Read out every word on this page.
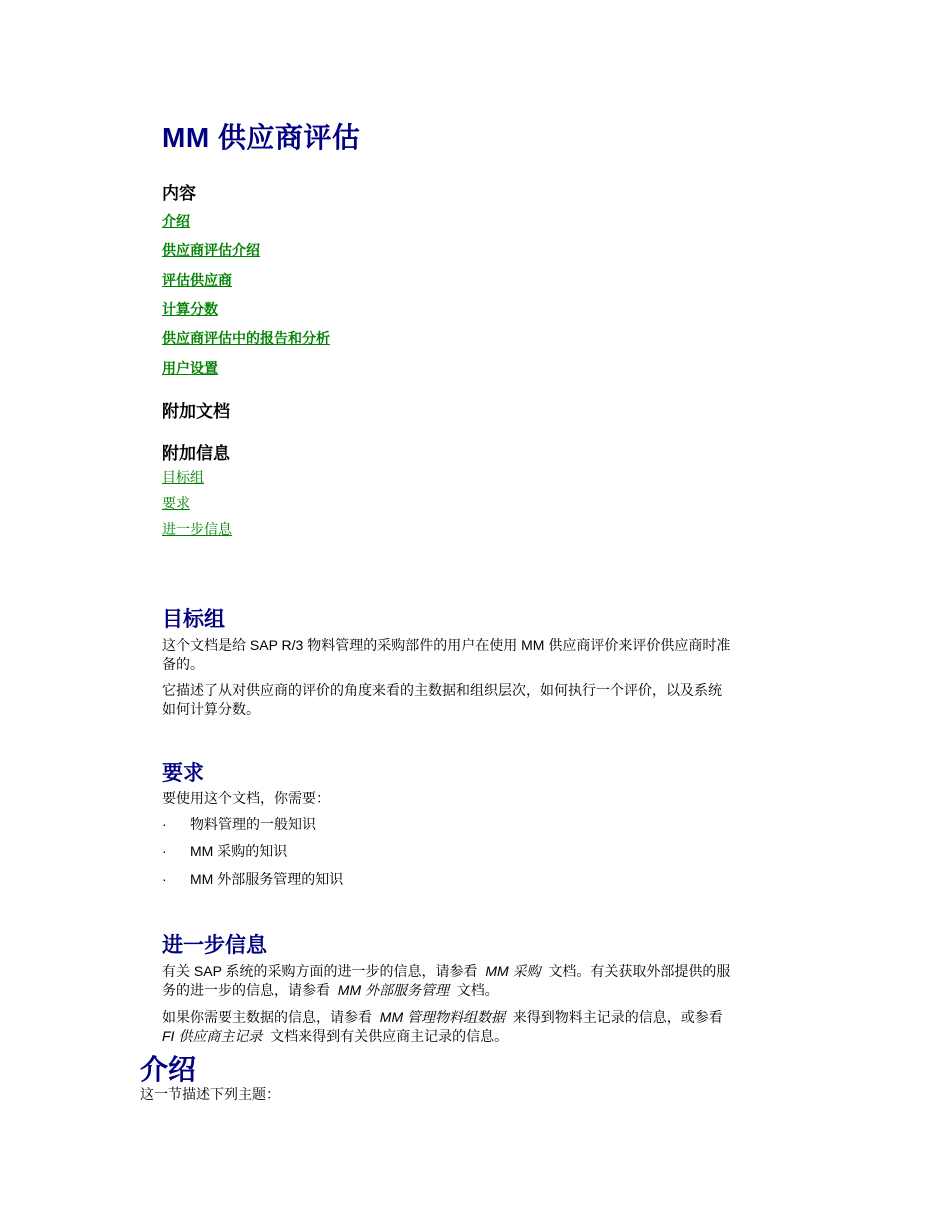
MM 供应商评估
内容
介绍
供应商评估介绍
评估供应商
计算分数
供应商评估中的报告和分析
用户设置
附加文档
附加信息
目标组
要求
进一步信息
目标组
这个文档是给 SAP R/3 物料管理的采购部件的用户在使用 MM 供应商评价来评价供应商时准
备的。
它描述了从对供应商的评价的角度来看的主数据和组织层次，如何执行一个评价，以及系统
如何计算分数。
要求
要使用这个文档，你需要：
· 物料管理的一般知识
· MM 采购的知识
· MM 外部服务管理的知识
进一步信息
有关 SAP 系统的采购方面的进一步的信息，请参看 MM 采购 文档。有关获取外部提供的服
务的进一步的信息，请参看 MM 外部服务管理 文档。
如果你需要主数据的信息，请参看 MM 管理物料组数据 来得到物料主记录的信息，或参看
FI 供应商主记录 文档来得到有关供应商主记录的信息。
介绍
这一节描述下列主题：
